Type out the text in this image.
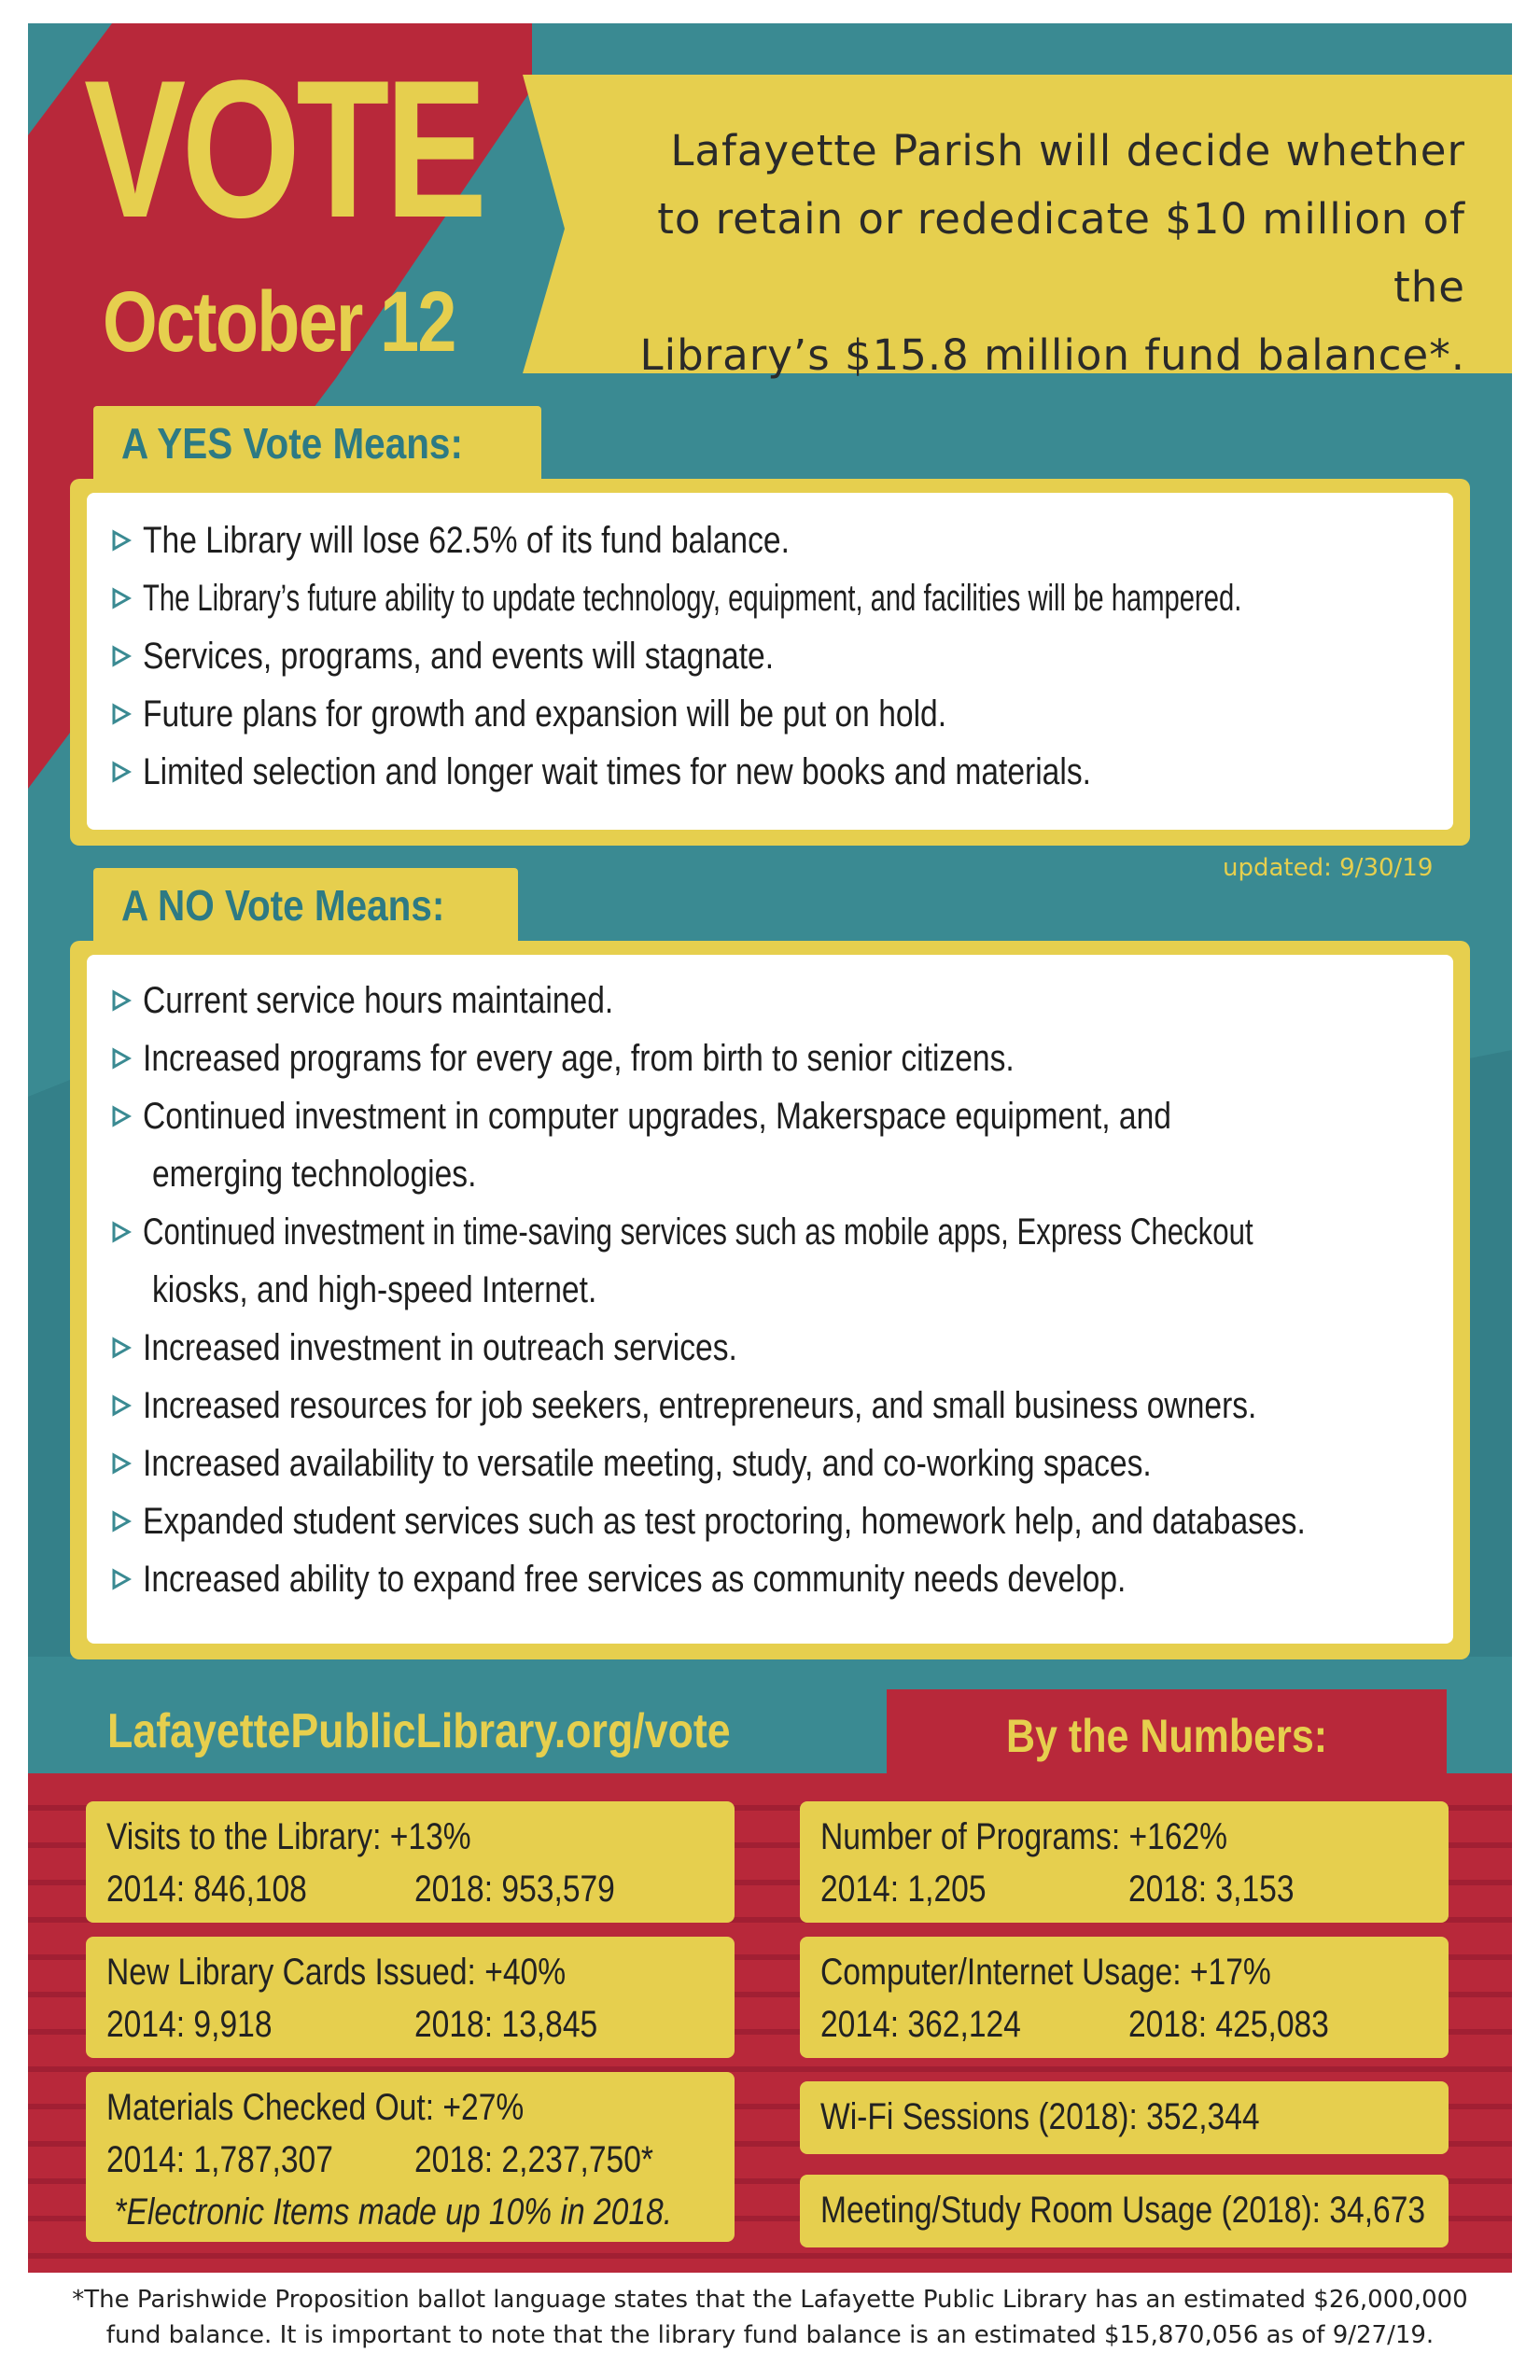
VOTE
October 12
Lafayette Parish will decide whether
to retain or rededicate $10 million of the
Library’s $15.8 million fund balance*.
A YES Vote Means:
The Library will lose 62.5% of its fund balance.
The Library’s future ability to update technology, equipment, and facilities will be hampered.
Services, programs, and events will stagnate.
Future plans for growth and expansion will be put on hold.
Limited selection and longer wait times for new books and materials.
updated: 9/30/19
A NO Vote Means:
Current service hours maintained.
Increased programs for every age, from birth to senior citizens.
Continued investment in computer upgrades, Makerspace equipment, and
emerging technologies.
Continued investment in time-saving services such as mobile apps, Express Checkout
kiosks, and high-speed Internet.
Increased investment in outreach services.
Increased resources for job seekers, entrepreneurs, and small business owners.
Increased availability to versatile meeting, study, and co-working spaces.
Expanded student services such as test proctoring, homework help, and databases.
Increased ability to expand free services as community needs develop.
LafayettePublicLibrary.org/vote	By the Numbers:
Visits to the Library: +13%
2014: 846,108	2018: 953,579
New Library Cards Issued: +40%
2014: 9,918	2018: 13,845
Materials Checked Out: +27%
2014: 1,787,307 2018: 2,237,750*
*Electronic Items made up 10% in 2018.
Number of Programs: +162%
2014: 1,205	2018: 3,153
Computer/Internet Usage: +17%
2014: 362,124	2018: 425,083
Wi-Fi Sessions (2018): 352,344
Meeting/Study Room Usage (2018): 34,673
*The Parishwide Proposition ballot language states that the Lafayette Public Library has an estimated $26,000,000
fund balance. It is important to note that the library fund balance is an estimated $15,870,056 as of 9/27/19.
